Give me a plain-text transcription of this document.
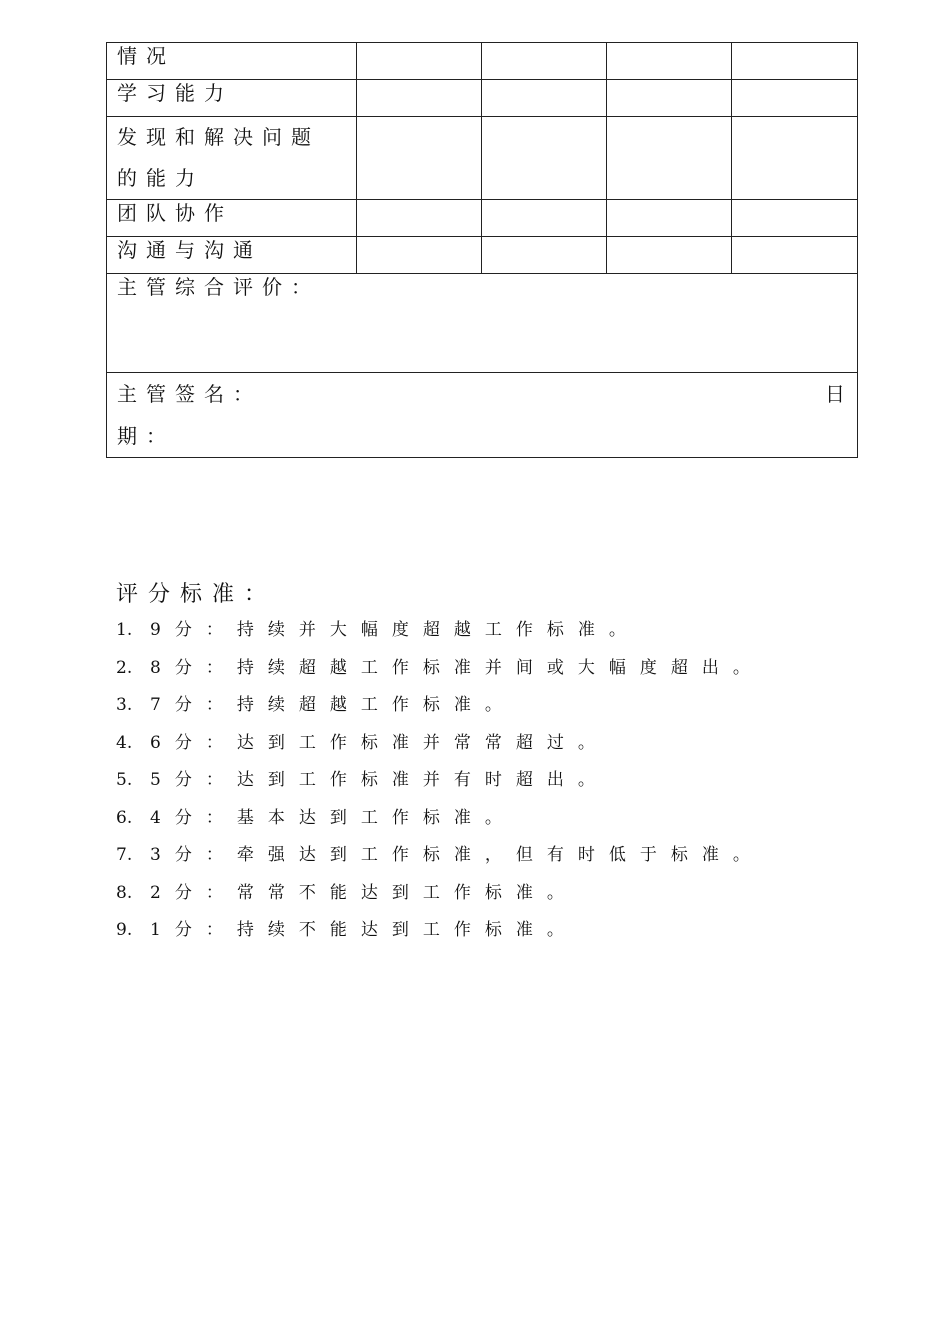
情况				
学习能力				
发现和解决问题的能力				
团队协作				
沟通与沟通				
主管综合评价：				
主管签名： 日

期：				
评分标准：
1.	9分：持续并大幅度超越工作标准。
2.	8分：持续超越工作标准并间或大幅度超出。
3.	7分：持续超越工作标准。
4.	6分：达到工作标准并常常超过。
5.	5分：达到工作标准并有时超出。
6.	4分：基本达到工作标准。
7.	3分：牵强达到工作标准，但有时低于标准。
8.	2分：常常不能达到工作标准。
9.	1分：持续不能达到工作标准。
